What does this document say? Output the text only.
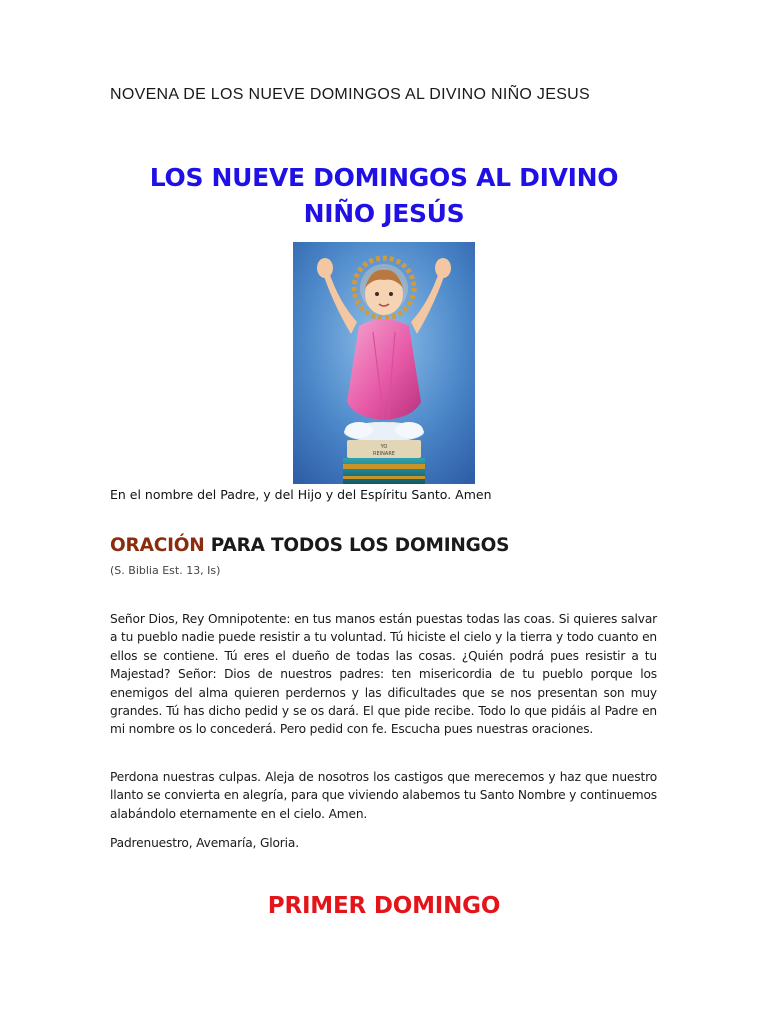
NOVENA DE LOS NUEVE DOMINGOS AL DIVINO NIÑO JESUS
LOS NUEVE DOMINGOS AL DIVINO
NIÑO JESÚS
YO
REINARE

En el nombre del Padre, y del Hijo y del Espíritu Santo. Amen

ORACIÓN PARA TODOS LOS DOMINGOS

(S. Biblia Est. 13, Is)

Señor Dios, Rey Omnipotente: en tus manos están puestas todas las coas. Si quieres salvar a tu pueblo nadie puede resistir a tu voluntad. Tú hiciste el cielo y la tierra y todo cuanto en ellos se contiene. Tú eres el dueño de todas las cosas. ¿Quién podrá pues resistir a tu Majestad? Señor: Dios de nuestros padres: ten misericordia de tu pueblo porque los enemigos del alma quieren perdernos y las dificultades que se nos presentan son muy grandes. Tú has dicho pedid y se os dará. El que pide recibe. Todo lo que pidáis al Padre en mi nombre os lo concederá. Pero pedid con fe. Escucha pues nuestras oraciones.

Perdona nuestras culpas. Aleja de nosotros los castigos que merecemos y haz que nuestro llanto se convierta en alegría, para que viviendo alabemos tu Santo Nombre y continuemos alabándolo eternamente en el cielo. Amen.

Padrenuestro, Avemaría, Gloria.

PRIMER DOMINGO
